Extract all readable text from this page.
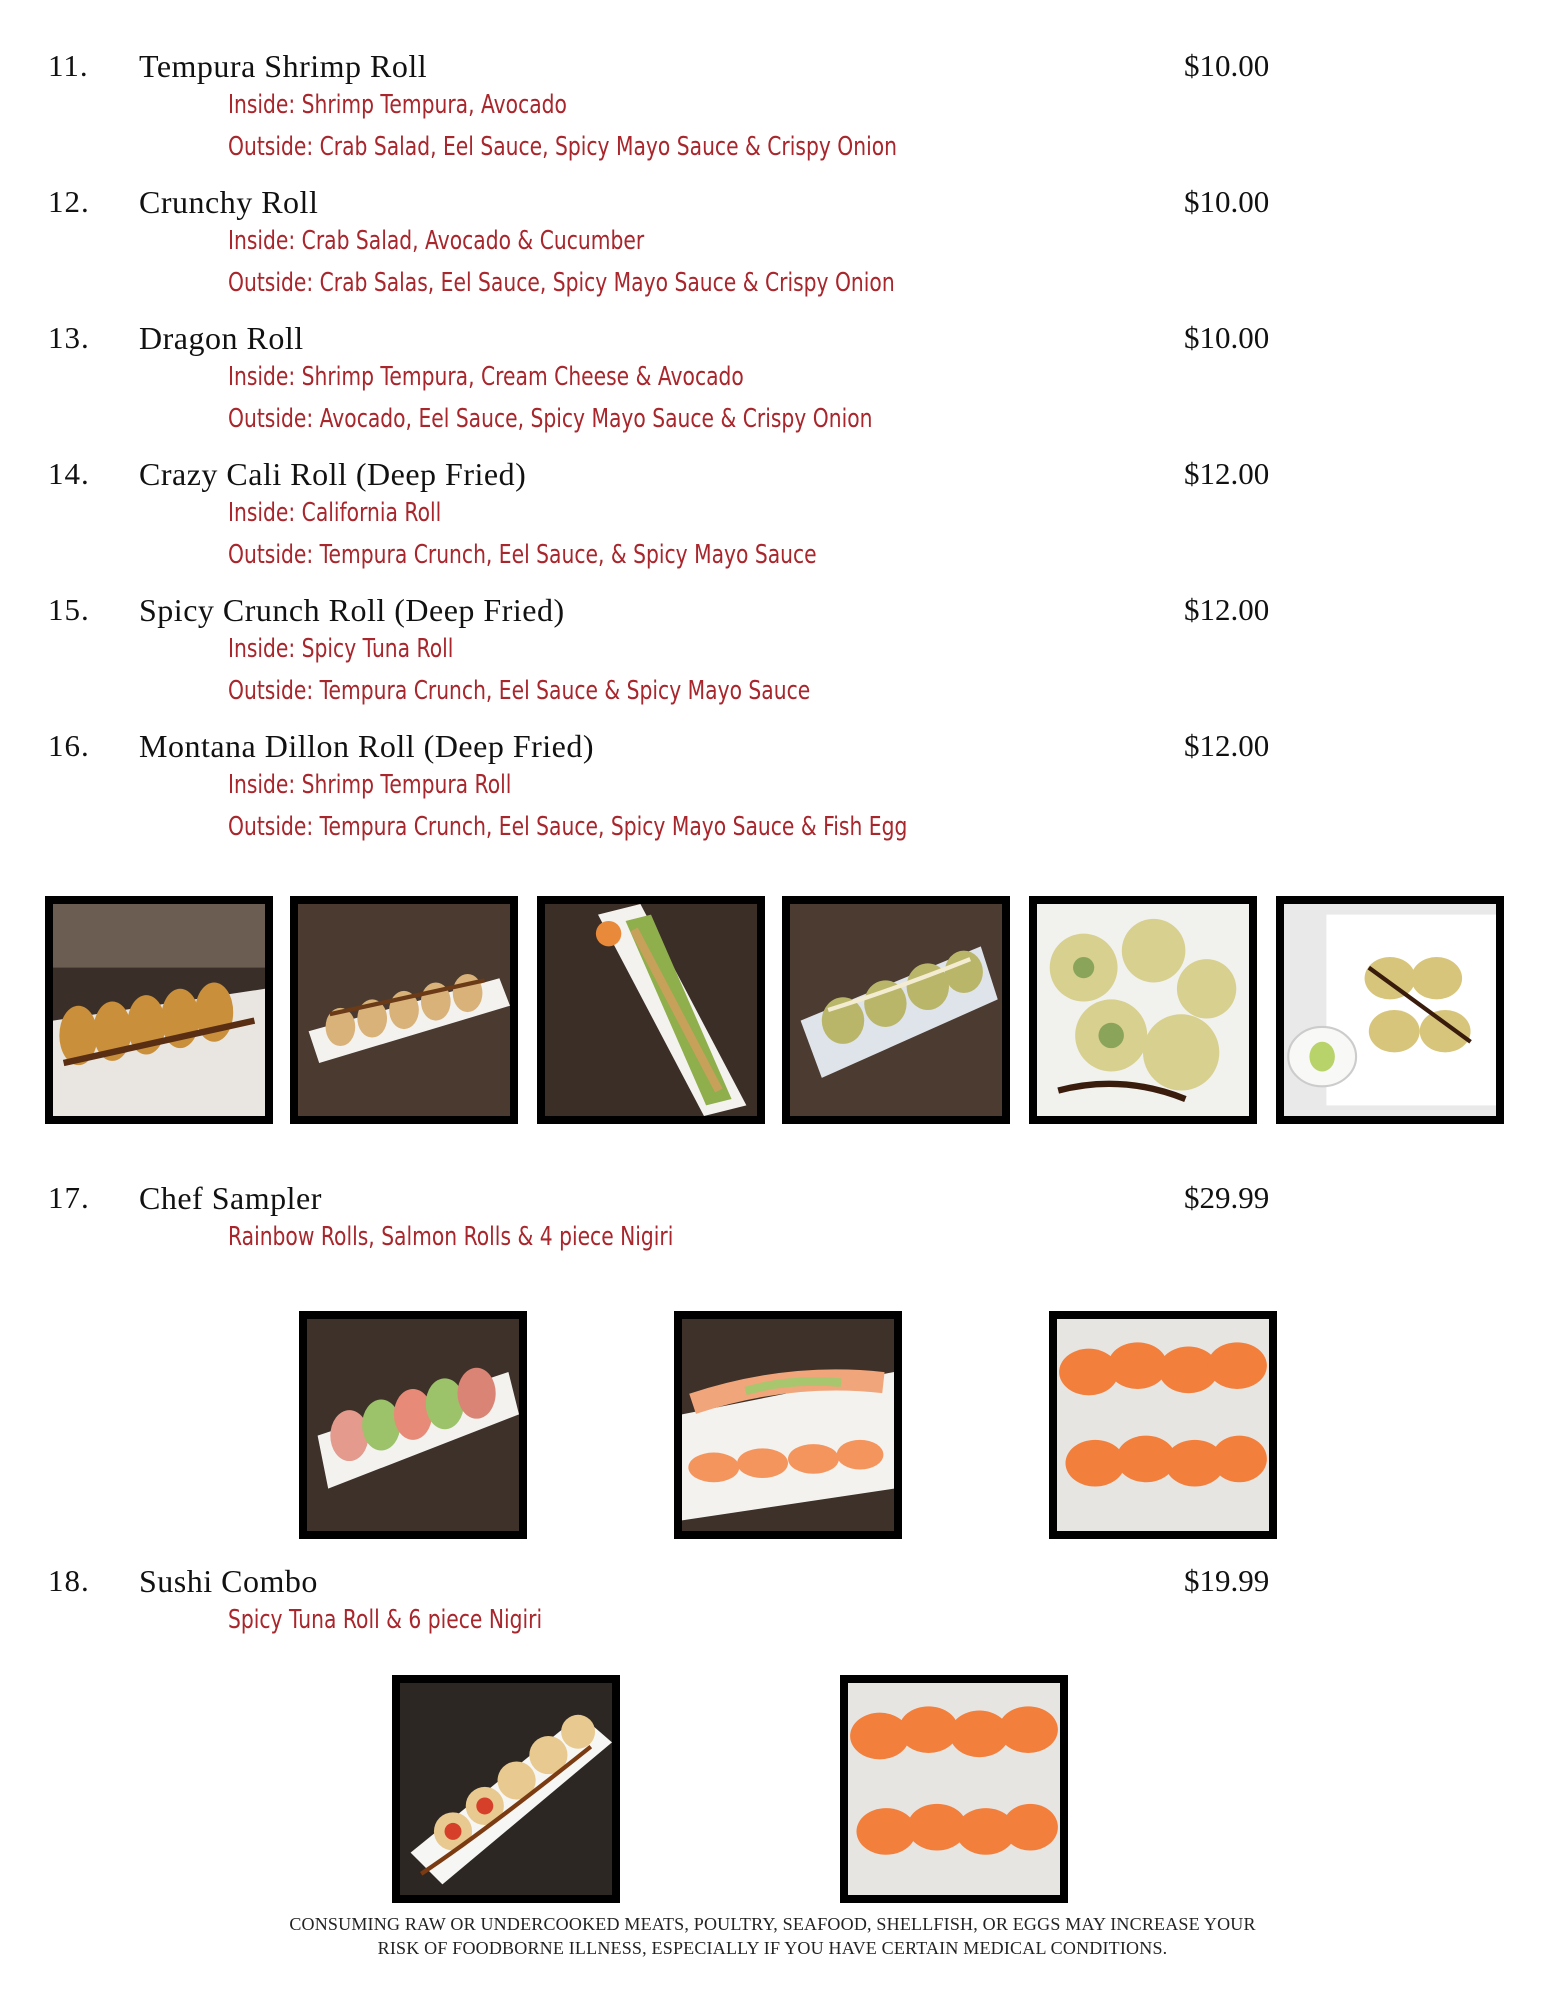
11. Tempura Shrimp Roll	$10.00
Inside: Shrimp Tempura, Avocado
Outside: Crab Salad, Eel Sauce, Spicy Mayo Sauce & Crispy Onion
12. Crunchy Roll	$10.00
Inside: Crab Salad, Avocado & Cucumber
Outside: Crab Salas, Eel Sauce, Spicy Mayo Sauce & Crispy Onion
13. Dragon Roll	$10.00
Inside: Shrimp Tempura, Cream Cheese & Avocado
Outside: Avocado, Eel Sauce, Spicy Mayo Sauce & Crispy Onion
14. Crazy Cali Roll (Deep Fried)	$12.00
Inside: California Roll
Outside: Tempura Crunch, Eel Sauce, & Spicy Mayo Sauce
15. Spicy Crunch Roll (Deep Fried)	$12.00
Inside: Spicy Tuna Roll
Outside: Tempura Crunch, Eel Sauce & Spicy Mayo Sauce
16. Montana Dillon Roll (Deep Fried)	$12.00
Inside: Shrimp Tempura Roll
Outside: Tempura Crunch, Eel Sauce, Spicy Mayo Sauce & Fish Egg
17. Chef Sampler	$29.99
Rainbow Rolls, Salmon Rolls & 4 piece Nigiri
18. Sushi Combo	$19.99
Spicy Tuna Roll & 6 piece Nigiri
CONSUMING RAW OR UNDERCOOKED MEATS, POULTRY, SEAFOOD, SHELLFISH, OR EGGS MAY INCREASE YOUR
RISK OF FOODBORNE ILLNESS, ESPECIALLY IF YOU HAVE CERTAIN MEDICAL CONDITIONS.
